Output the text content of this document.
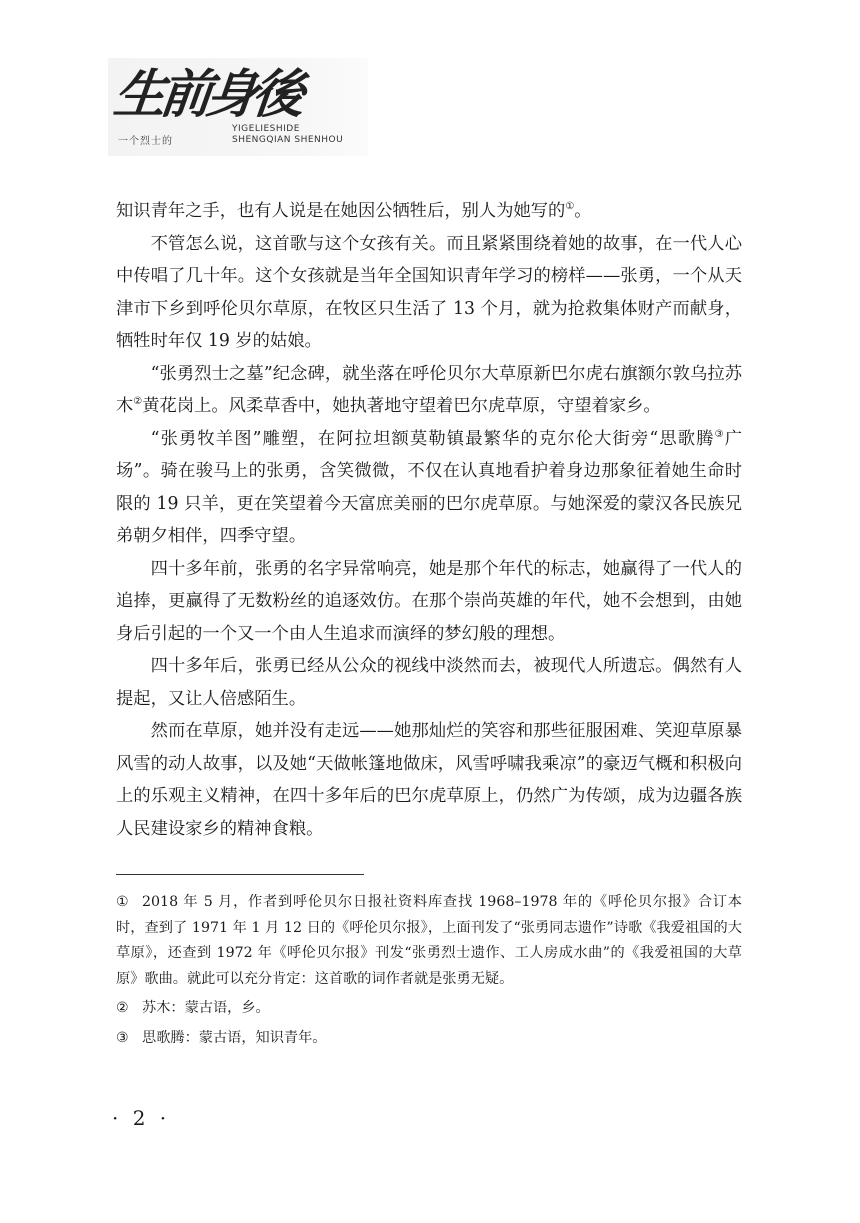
生前身後
一个烈士的
YIGELIESHIDE
SHENGQIAN SHENHOU

知识青年之手，也有人说是在她因公牺牲后，别人为她写的①。

不管怎么说，这首歌与这个女孩有关。而且紧紧围绕着她的故事，在一代人心中传唱了几十年。这个女孩就是当年全国知识青年学习的榜样——张勇，一个从天津市下乡到呼伦贝尔草原，在牧区只生活了 13 个月，就为抢救集体财产而献身，牺牲时年仅 19 岁的姑娘。

“张勇烈士之墓”纪念碑，就坐落在呼伦贝尔大草原新巴尔虎右旗额尔敦乌拉苏木②黄花岗上。风柔草香中，她执著地守望着巴尔虎草原，守望着家乡。

“张勇牧羊图”雕塑，在阿拉坦额莫勒镇最繁华的克尔伦大街旁“思歌腾③广场”。骑在骏马上的张勇，含笑微微，不仅在认真地看护着身边那象征着她生命时限的 19 只羊，更在笑望着今天富庶美丽的巴尔虎草原。与她深爱的蒙汉各民族兄弟朝夕相伴，四季守望。

四十多年前，张勇的名字异常响亮，她是那个年代的标志，她赢得了一代人的追捧，更赢得了无数粉丝的追逐效仿。在那个崇尚英雄的年代，她不会想到，由她身后引起的一个又一个由人生追求而演绎的梦幻般的理想。

四十多年后，张勇已经从公众的视线中淡然而去，被现代人所遗忘。偶然有人提起，又让人倍感陌生。

然而在草原，她并没有走远——她那灿烂的笑容和那些征服困难、笑迎草原暴风雪的动人故事，以及她“天做帐篷地做床，风雪呼啸我乘凉”的豪迈气概和积极向上的乐观主义精神，在四十多年后的巴尔虎草原上，仍然广为传颂，成为边疆各族人民建设家乡的精神食粮。

① 2018 年 5 月，作者到呼伦贝尔日报社资料库查找 1968–1978 年的《呼伦贝尔报》合订本时，查到了 1971 年 1 月 12 日的《呼伦贝尔报》，上面刊发了“张勇同志遗作”诗歌《我爱祖国的大草原》，还查到 1972 年《呼伦贝尔报》刊发“张勇烈士遗作、工人房成水曲”的《我爱祖国的大草原》歌曲。就此可以充分肯定：这首歌的词作者就是张勇无疑。

② 苏木：蒙古语，乡。

③ 思歌腾：蒙古语，知识青年。

· 2 ·
